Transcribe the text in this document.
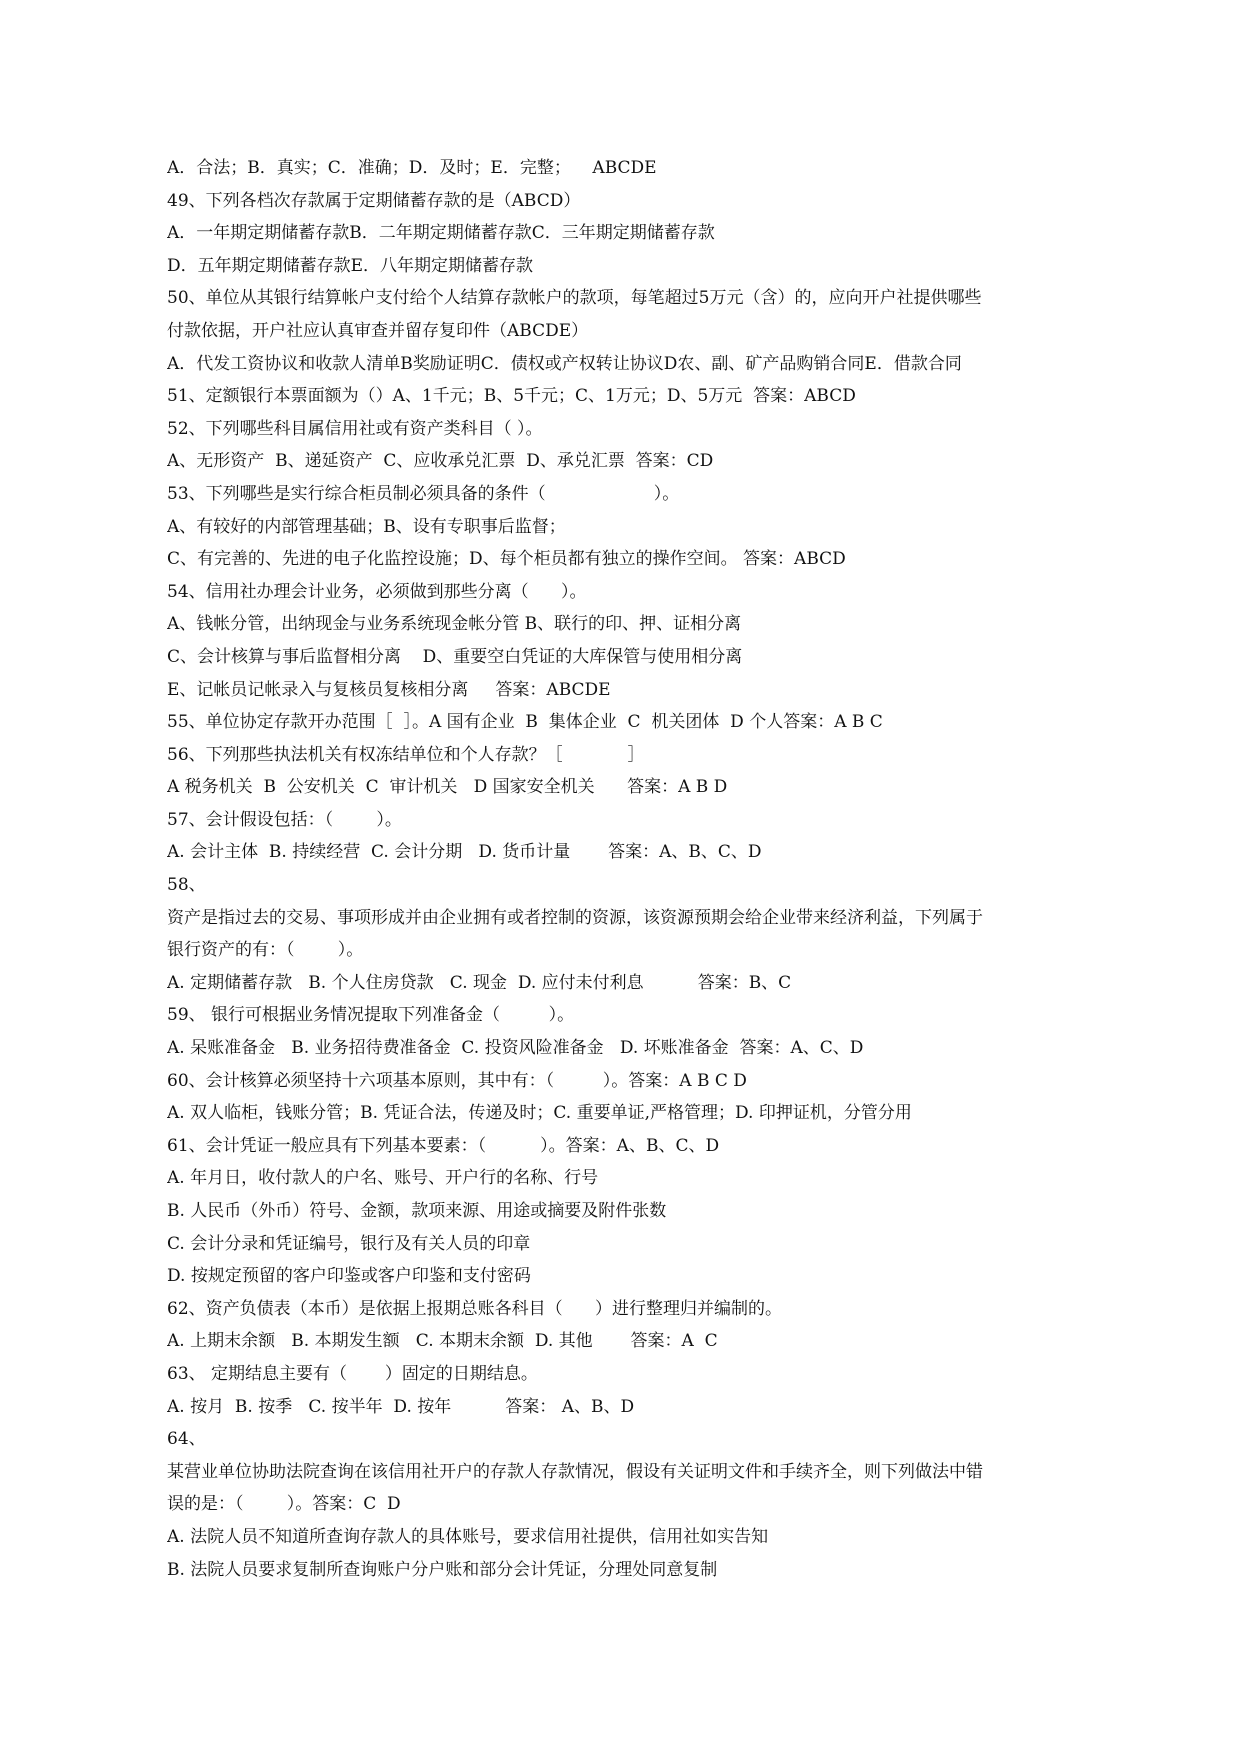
A．合法；B．真实；C．准确；D．及时；E．完整；    ABCDE
49、下列各档次存款属于定期储蓄存款的是（ABCD）
A．一年期定期储蓄存款B．二年期定期储蓄存款C．三年期定期储蓄存款
D．五年期定期储蓄存款E．八年期定期储蓄存款
50、单位从其银行结算帐户支付给个人结算存款帐户的款项，每笔超过5万元（含）的，应向开户社提供哪些
付款依据，开户社应认真审查并留存复印件（ABCDE）
A．代发工资协议和收款人清单B奖励证明C．债权或产权转让协议D农、副、矿产品购销合同E．借款合同
51、定额银行本票面额为（）A、1千元；B、5千元；C、1万元；D、5万元  答案：ABCD
52、下列哪些科目属信用社或有资产类科目（ ）。
A、无形资产  B、递延资产  C、应收承兑汇票  D、承兑汇票  答案：CD
53、下列哪些是实行综合柜员制必须具备的条件（                    ）。
A、有较好的内部管理基础；B、设有专职事后监督；
C、有完善的、先进的电子化监控设施；D、每个柜员都有独立的操作空间。 答案：ABCD
54、信用社办理会计业务，必须做到那些分离（      ）。
A、钱帐分管，出纳现金与业务系统现金帐分管 B、联行的印、押、证相分离
C、会计核算与事后监督相分离    D、重要空白凭证的大库保管与使用相分离
E、记帐员记帐录入与复核员复核相分离     答案：ABCDE
55、单位协定存款开办范围［  ］。A 国有企业  B  集体企业  C  机关团体  D 个人答案：A B C
56、下列那些执法机关有权冻结单位和个人存款？［            ］
A 税务机关  B  公安机关  C  审计机关   D 国家安全机关      答案：A B D
57、会计假设包括：（        ）。
A. 会计主体  B. 持续经营  C. 会计分期   D. 货币计量       答案：A、B、C、D
58、
资产是指过去的交易、事项形成并由企业拥有或者控制的资源，该资源预期会给企业带来经济利益，下列属于
银行资产的有：（        ）。
A. 定期储蓄存款   B. 个人住房贷款   C. 现金  D. 应付未付利息          答案：B、C
59、 银行可根据业务情况提取下列准备金（         ）。
A. 呆账准备金   B. 业务招待费准备金  C. 投资风险准备金   D. 坏账准备金  答案：A、C、D
60、会计核算必须坚持十六项基本原则，其中有：（         ）。答案：A B C D
A. 双人临柜，钱账分管；B. 凭证合法，传递及时；C. 重要单证,严格管理；D. 印押证机，分管分用
61、会计凭证一般应具有下列基本要素：（          ）。答案：A、B、C、D
A. 年月日，收付款人的户名、账号、开户行的名称、行号
B. 人民币（外币）符号、金额，款项来源、用途或摘要及附件张数
C. 会计分录和凭证编号，银行及有关人员的印章
D. 按规定预留的客户印鉴或客户印鉴和支付密码
62、资产负债表（本币）是依据上报期总账各科目（      ）进行整理归并编制的。
A. 上期末余额   B. 本期发生额   C. 本期末余额  D. 其他       答案：A  C
63、 定期结息主要有（       ）固定的日期结息。
A. 按月  B. 按季   C. 按半年  D. 按年          答案： A、B、D
64、
某营业单位协助法院查询在该信用社开户的存款人存款情况，假设有关证明文件和手续齐全，则下列做法中错
误的是：（        ）。答案：C  D
A. 法院人员不知道所查询存款人的具体账号，要求信用社提供，信用社如实告知
B. 法院人员要求复制所查询账户分户账和部分会计凭证，分理处同意复制
